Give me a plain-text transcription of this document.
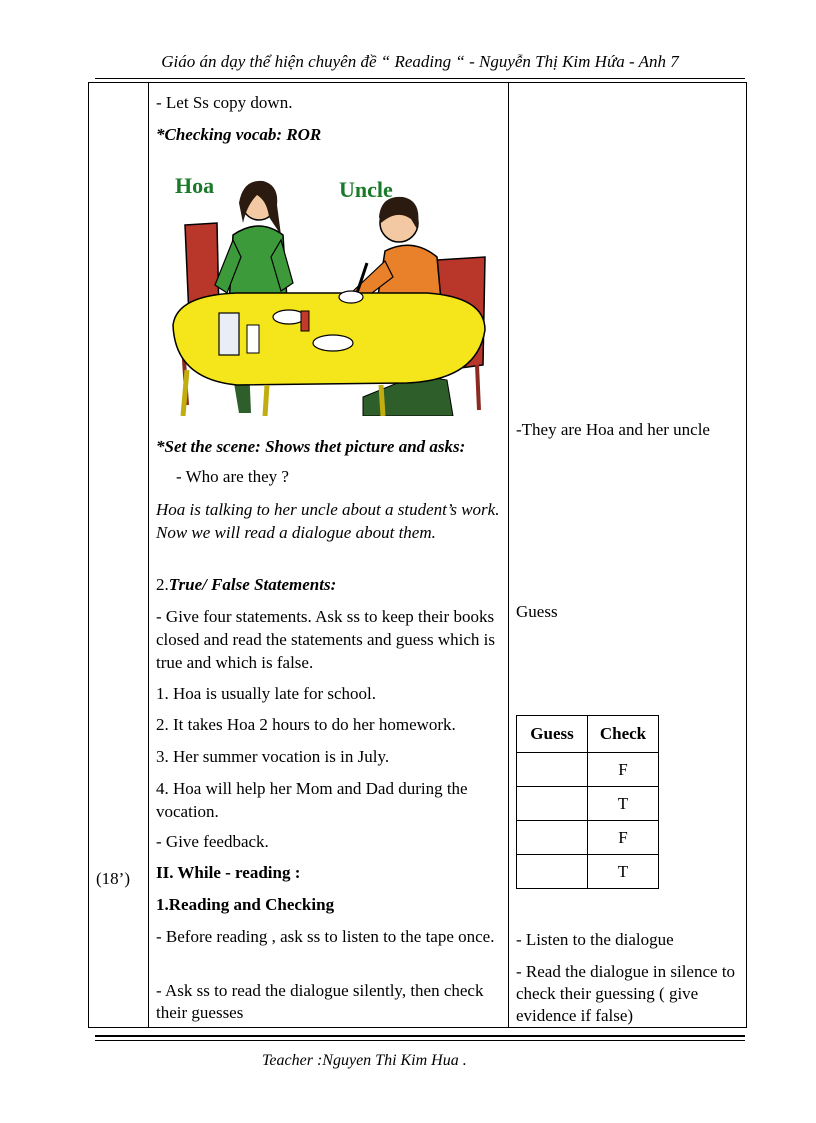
Giáo án dạy thể hiện chuyên đề “ Reading “ - Nguyễn Thị Kim Hứa - Anh 7
(18’)
- Let Ss copy down.
*Checking vocab: ROR
Hoa	Uncle
*Set the scene: Shows thet picture and asks:
- Who are they ?
Hoa is talking to her uncle about a student’s work. Now we will read a dialogue about them.
2.True/ False Statements:
- Give four statements. Ask ss to keep their books closed and read the statements and guess which is true and which is false.
1. Hoa is usually late for school.
2. It takes Hoa 2 hours to do her homework.
3. Her summer vocation is in July.
4. Hoa will help her Mom and Dad during the vocation.
- Give feedback.
II. While - reading :
1.Reading and Checking
- Before reading , ask ss to listen to the tape once.
- Ask ss to read the dialogue silently, then check their guesses
-They are Hoa and her uncle
Guess
Guess	Check
	F
	T
	F
	T
- Listen to the dialogue
- Read the dialogue in silence to check their guessing ( give evidence if false)
Teacher :Nguyen Thi Kim Hua .
